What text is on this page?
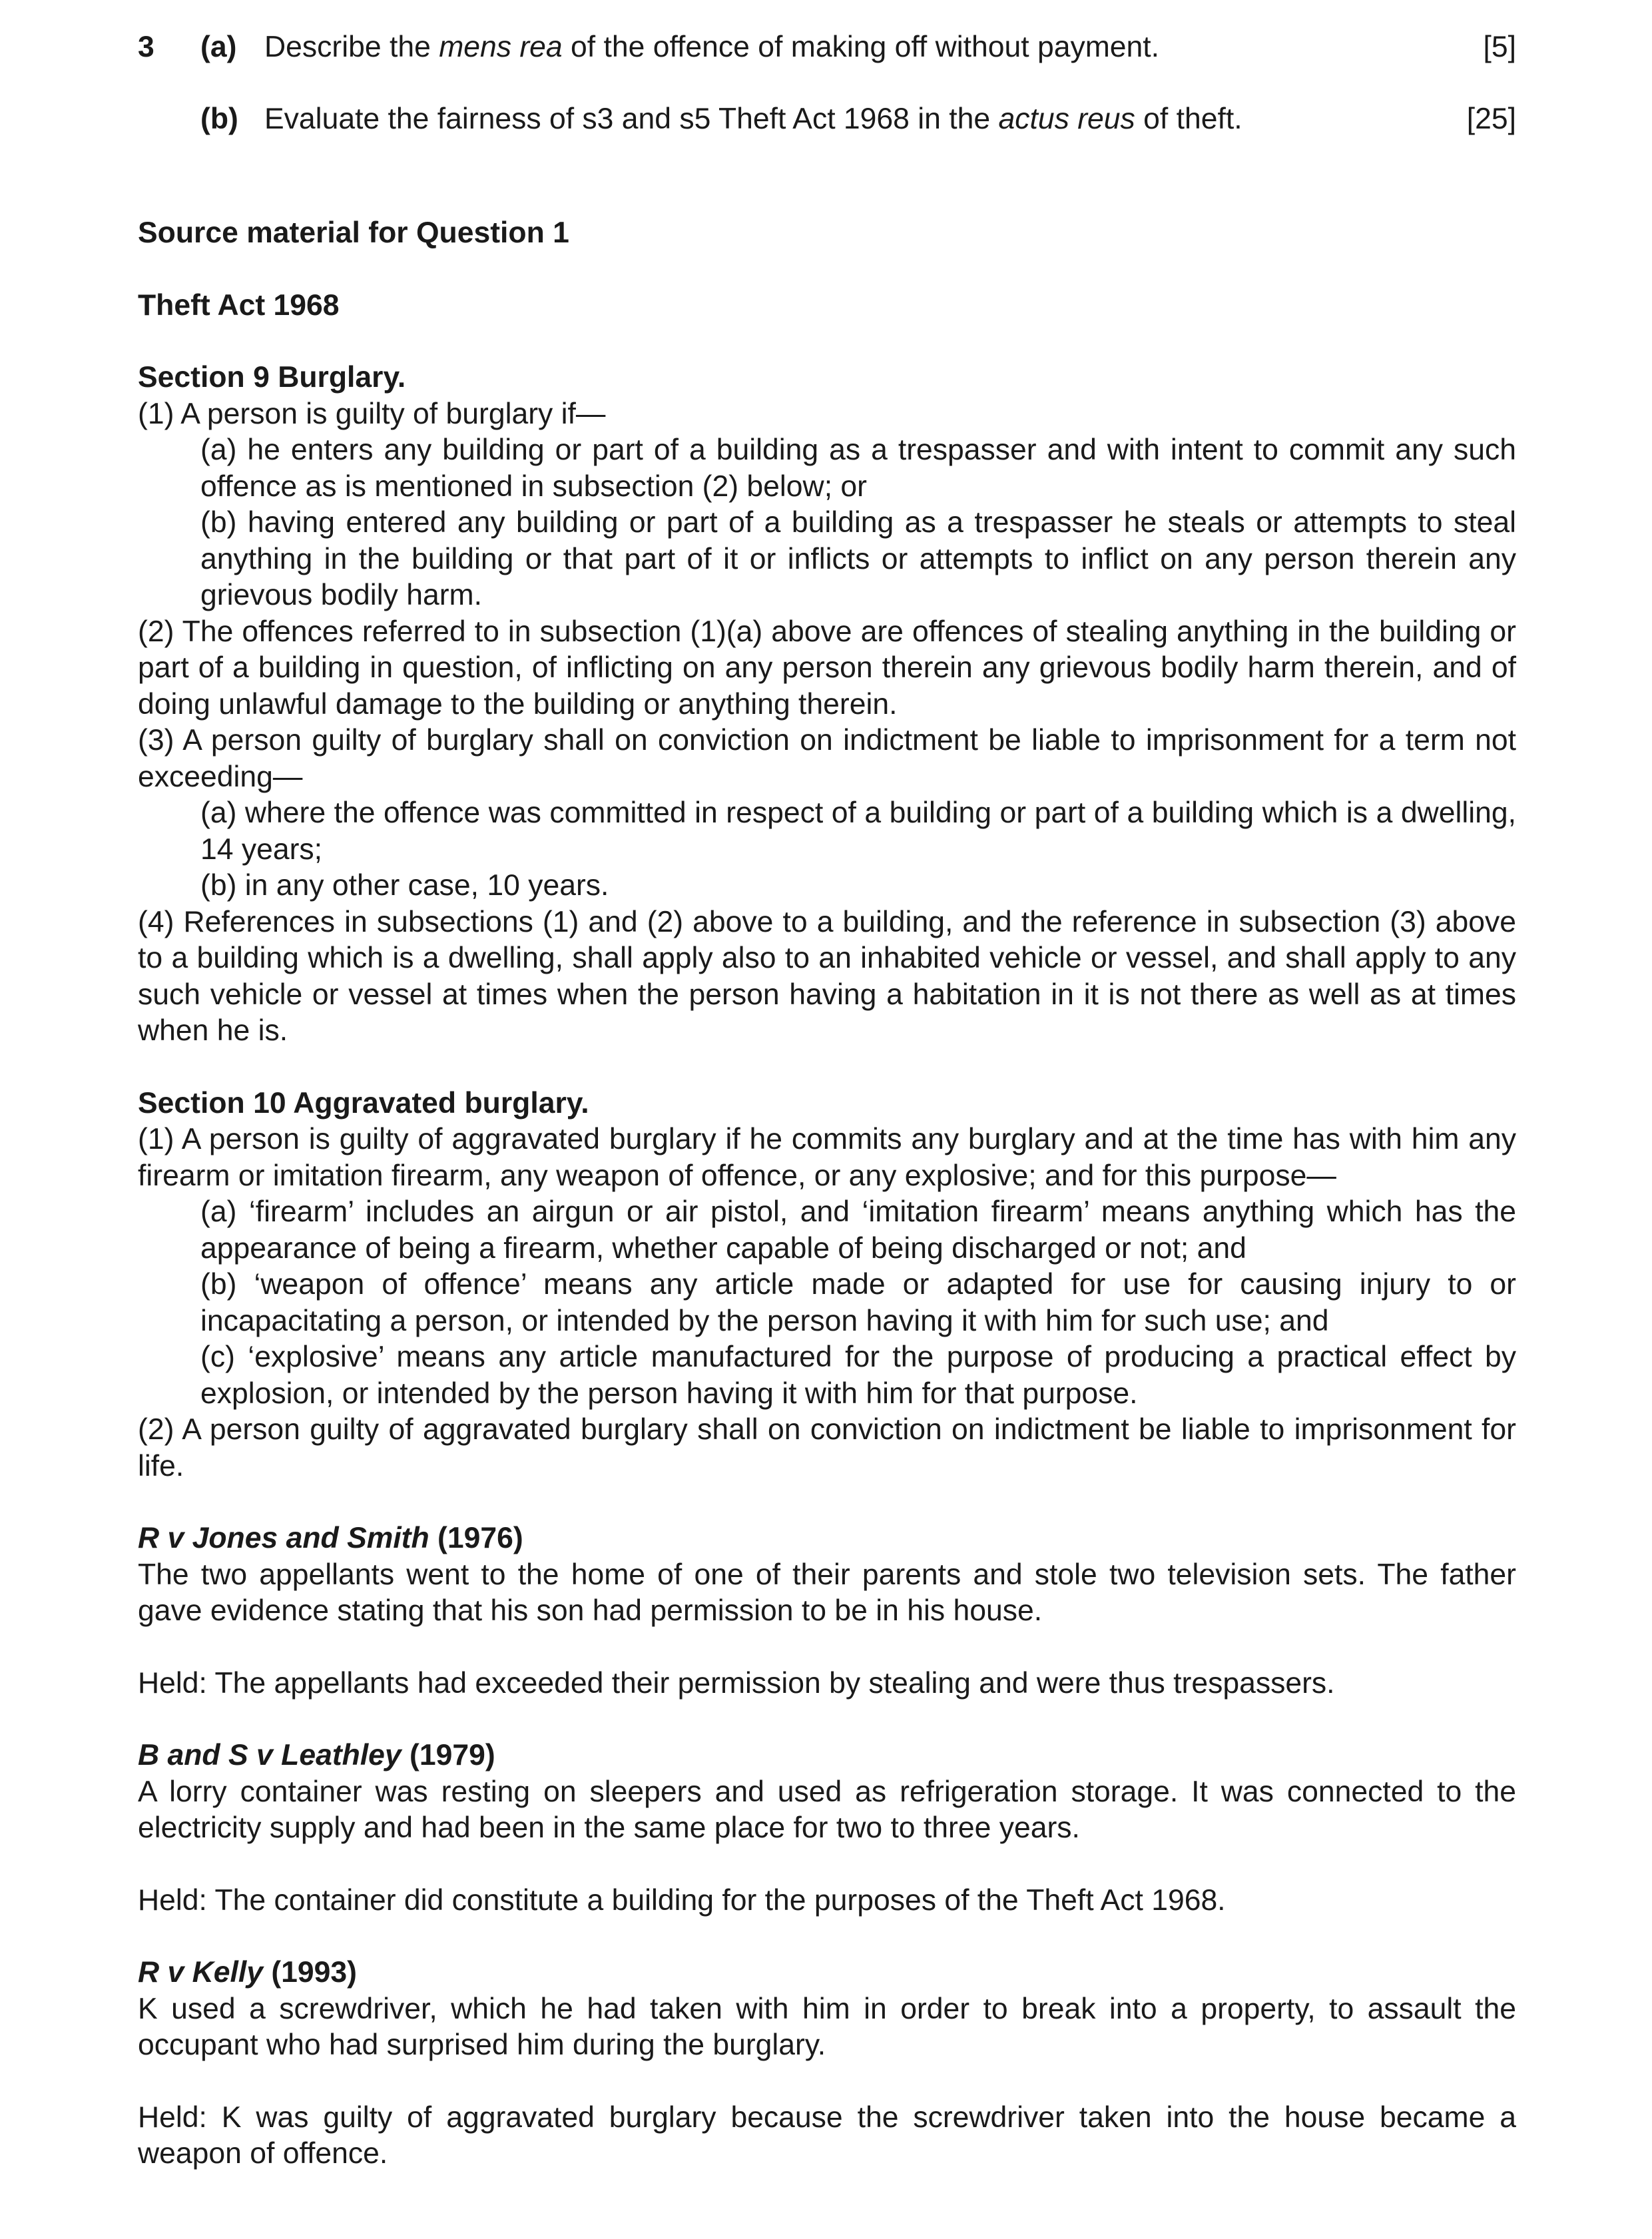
3 (a) Describe the mens rea of the offence of making off without payment.	[5]
(b) Evaluate the fairness of s3 and s5 Theft Act 1968 in the actus reus of theft.	[25]

Source material for Question 1

Theft Act 1968

Section 9 Burglary.

(1) A person is guilty of burglary if—

(a) he enters any building or part of a building as a trespasser and with intent to commit any such offence as is mentioned in subsection (2) below; or

(b) having entered any building or part of a building as a trespasser he steals or attempts to steal anything in the building or that part of it or inflicts or attempts to inflict on any person therein any grievous bodily harm.

(2) The offences referred to in subsection (1)(a) above are offences of stealing anything in the building or part of a building in question, of inflicting on any person therein any grievous bodily harm therein, and of doing unlawful damage to the building or anything therein.

(3) A person guilty of burglary shall on conviction on indictment be liable to imprisonment for a term not exceeding—

(a) where the offence was committed in respect of a building or part of a building which is a dwelling, 14 years;

(b) in any other case, 10 years.

(4) References in subsections (1) and (2) above to a building, and the reference in subsection (3) above to a building which is a dwelling, shall apply also to an inhabited vehicle or vessel, and shall apply to any such vehicle or vessel at times when the person having a habitation in it is not there as well as at times when he is.

Section 10 Aggravated burglary.

(1) A person is guilty of aggravated burglary if he commits any burglary and at the time has with him any firearm or imitation firearm, any weapon of offence, or any explosive; and for this purpose—

(a) ‘firearm’ includes an airgun or air pistol, and ‘imitation firearm’ means anything which has the appearance of being a firearm, whether capable of being discharged or not; and

(b) ‘weapon of offence’ means any article made or adapted for use for causing injury to or incapacitating a person, or intended by the person having it with him for such use; and

(c) ‘explosive’ means any article manufactured for the purpose of producing a practical effect by explosion, or intended by the person having it with him for that purpose.

(2) A person guilty of aggravated burglary shall on conviction on indictment be liable to imprisonment for life.

R v Jones and Smith (1976)

The two appellants went to the home of one of their parents and stole two television sets. The father gave evidence stating that his son had permission to be in his house.

Held: The appellants had exceeded their permission by stealing and were thus trespassers.

B and S v Leathley (1979)

A lorry container was resting on sleepers and used as refrigeration storage. It was connected to the electricity supply and had been in the same place for two to three years.

Held: The container did constitute a building for the purposes of the Theft Act 1968.

R v Kelly (1993)

K used a screwdriver, which he had taken with him in order to break into a property, to assault the occupant who had surprised him during the burglary.

Held: K was guilty of aggravated burglary because the screwdriver taken into the house became a weapon of offence.
